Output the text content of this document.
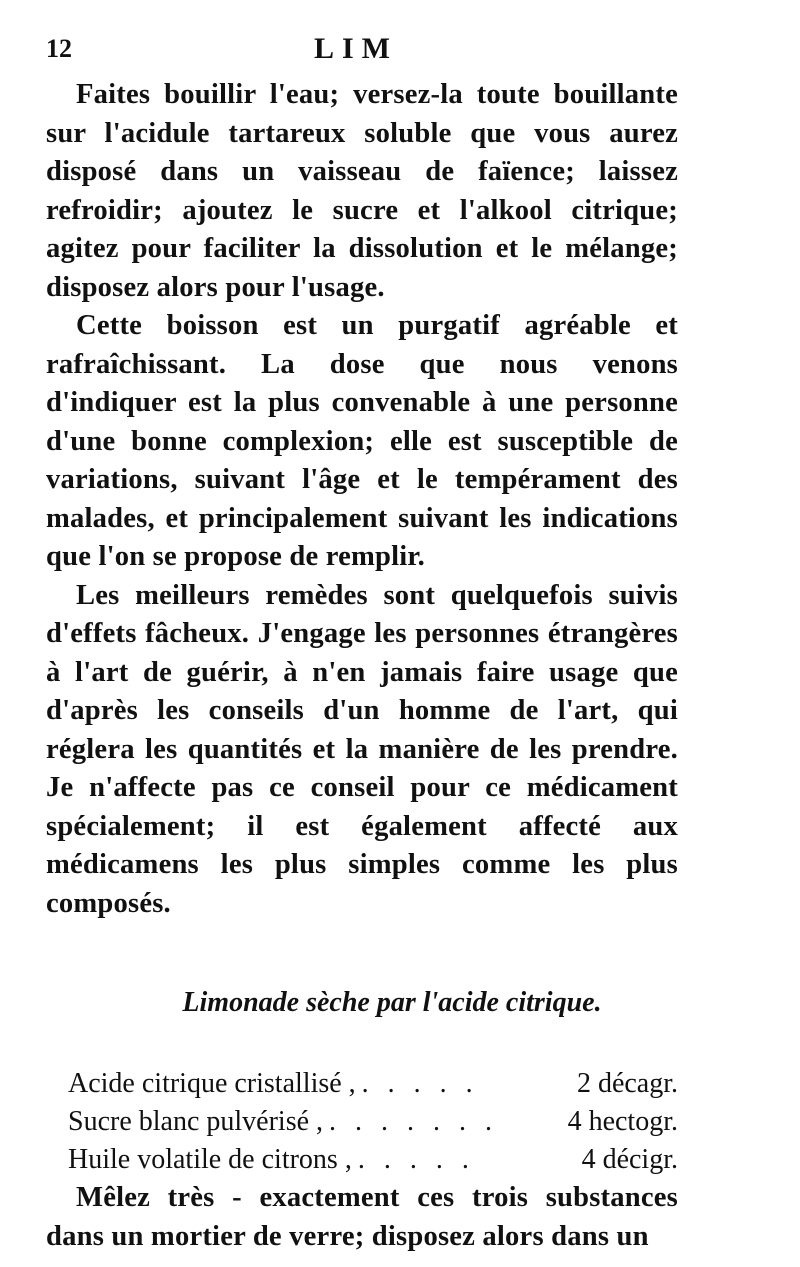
12	LIM

Faites bouillir l'eau; versez-la toute bouillante sur l'acidule tartareux soluble que vous aurez disposé dans un vaisseau de faïence; laissez refroidir; ajoutez le sucre et l'alkool citrique; agitez pour faciliter la dissolution et le mélange; disposez alors pour l'usage.

Cette boisson est un purgatif agréable et rafraîchissant. La dose que nous venons d'indiquer est la plus convenable à une personne d'une bonne complexion; elle est susceptible de variations, suivant l'âge et le tempérament des malades, et principalement suivant les indications que l'on se propose de remplir.

Les meilleurs remèdes sont quelquefois suivis d'effets fâcheux. J'engage les personnes étrangères à l'art de guérir, à n'en jamais faire usage que d'après les conseils d'un homme de l'art, qui réglera les quantités et la manière de les prendre. Je n'affecte pas ce conseil pour ce médicament spécialement; il est également affecté aux médicamens les plus simples comme les plus composés.

Limonade sèche par l'acide citrique.
Acide citrique cristallisé , . . . . .	2 décagr.
Sucre blanc pulvérisé , . . . . . . .	4 hectogr.
Huile volatile de citrons , . . . . .	4 décigr.

Mêlez très - exactement ces trois substances dans un mortier de verre; disposez alors dans un
